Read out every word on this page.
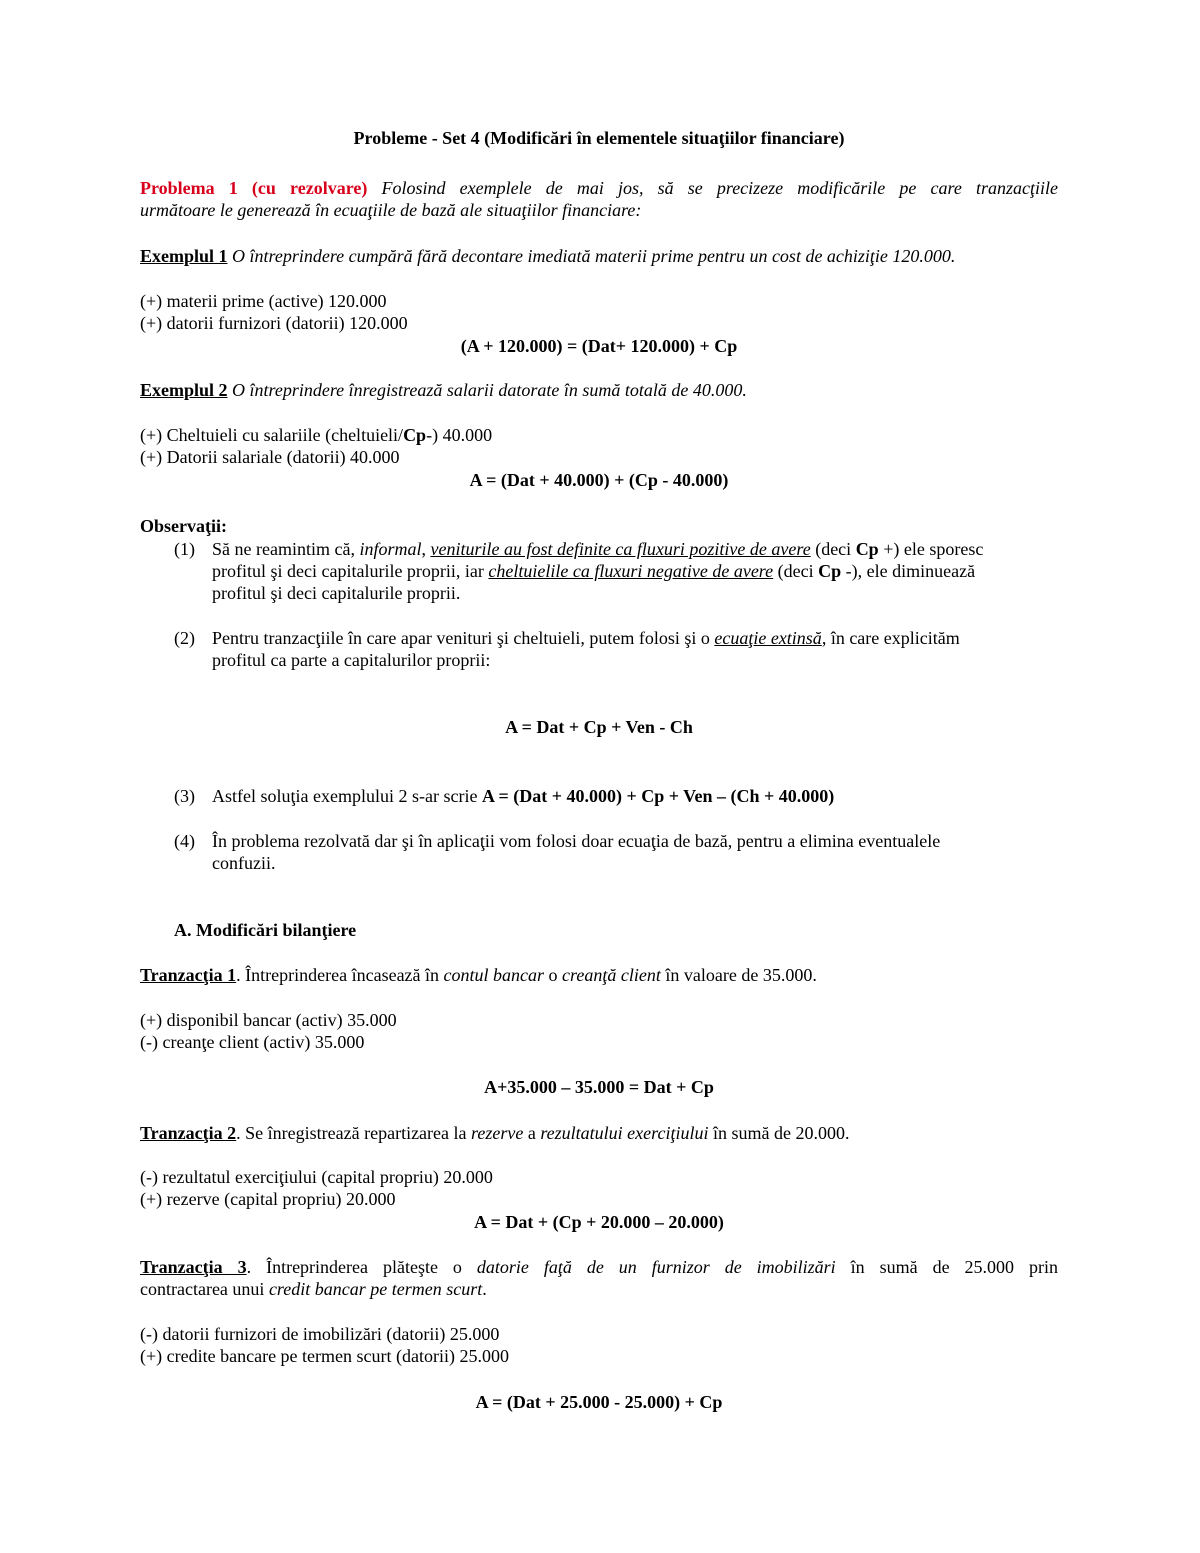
Probleme - Set 4 (Modificări în elementele situaţiilor financiare)
Problema 1 (cu rezolvare) Folosind exemplele de mai jos, să se precizeze modificările pe care tranzacţiile
următoare le generează în ecuaţiile de bază ale situaţiilor financiare:
Exemplul 1 O întreprindere cumpără fără decontare imediată materii prime pentru un cost de achiziţie 120.000.
(+) materii prime (active) 120.000
(+) datorii furnizori (datorii) 120.000
(A + 120.000) = (Dat+ 120.000) + Cp
Exemplul 2 O întreprindere înregistrează salarii datorate în sumă totală de 40.000.
(+) Cheltuieli cu salariile (cheltuieli/Cp-) 40.000
(+) Datorii salariale (datorii) 40.000
A = (Dat + 40.000) + (Cp - 40.000)
Observaţii:
(1) Să ne reamintim că, informal, veniturile au fost definite ca fluxuri pozitive de avere (deci Cp +) ele sporesc
profitul şi deci capitalurile proprii, iar cheltuielile ca fluxuri negative de avere (deci Cp -), ele diminuează
profitul şi deci capitalurile proprii.
(2) Pentru tranzacţiile în care apar venituri şi cheltuieli, putem folosi şi o ecuaţie extinsă, în care explicităm
profitul ca parte a capitalurilor proprii:
A = Dat + Cp + Ven - Ch
(3) Astfel soluţia exemplului 2 s-ar scrie A = (Dat + 40.000) + Cp + Ven – (Ch + 40.000)
(4) În problema rezolvată dar şi în aplicaţii vom folosi doar ecuaţia de bază, pentru a elimina eventualele
confuzii.
A. Modificări bilanţiere
Tranzacţia 1. Întreprinderea încasează în contul bancar o creanţă client în valoare de 35.000.
(+) disponibil bancar (activ) 35.000
(-) creanţe client (activ) 35.000
A+35.000 – 35.000 = Dat + Cp
Tranzacţia 2. Se înregistrează repartizarea la rezerve a rezultatului exerciţiului în sumă de 20.000.
(-) rezultatul exerciţiului (capital propriu) 20.000
(+) rezerve (capital propriu) 20.000
A = Dat + (Cp + 20.000 – 20.000)
Tranzacţia 3. Întreprinderea plăteşte o datorie faţă de un furnizor de imobilizări în sumă de 25.000 prin
contractarea unui credit bancar pe termen scurt.
(-) datorii furnizori de imobilizări (datorii) 25.000
(+) credite bancare pe termen scurt (datorii) 25.000
A = (Dat + 25.000 - 25.000) + Cp
